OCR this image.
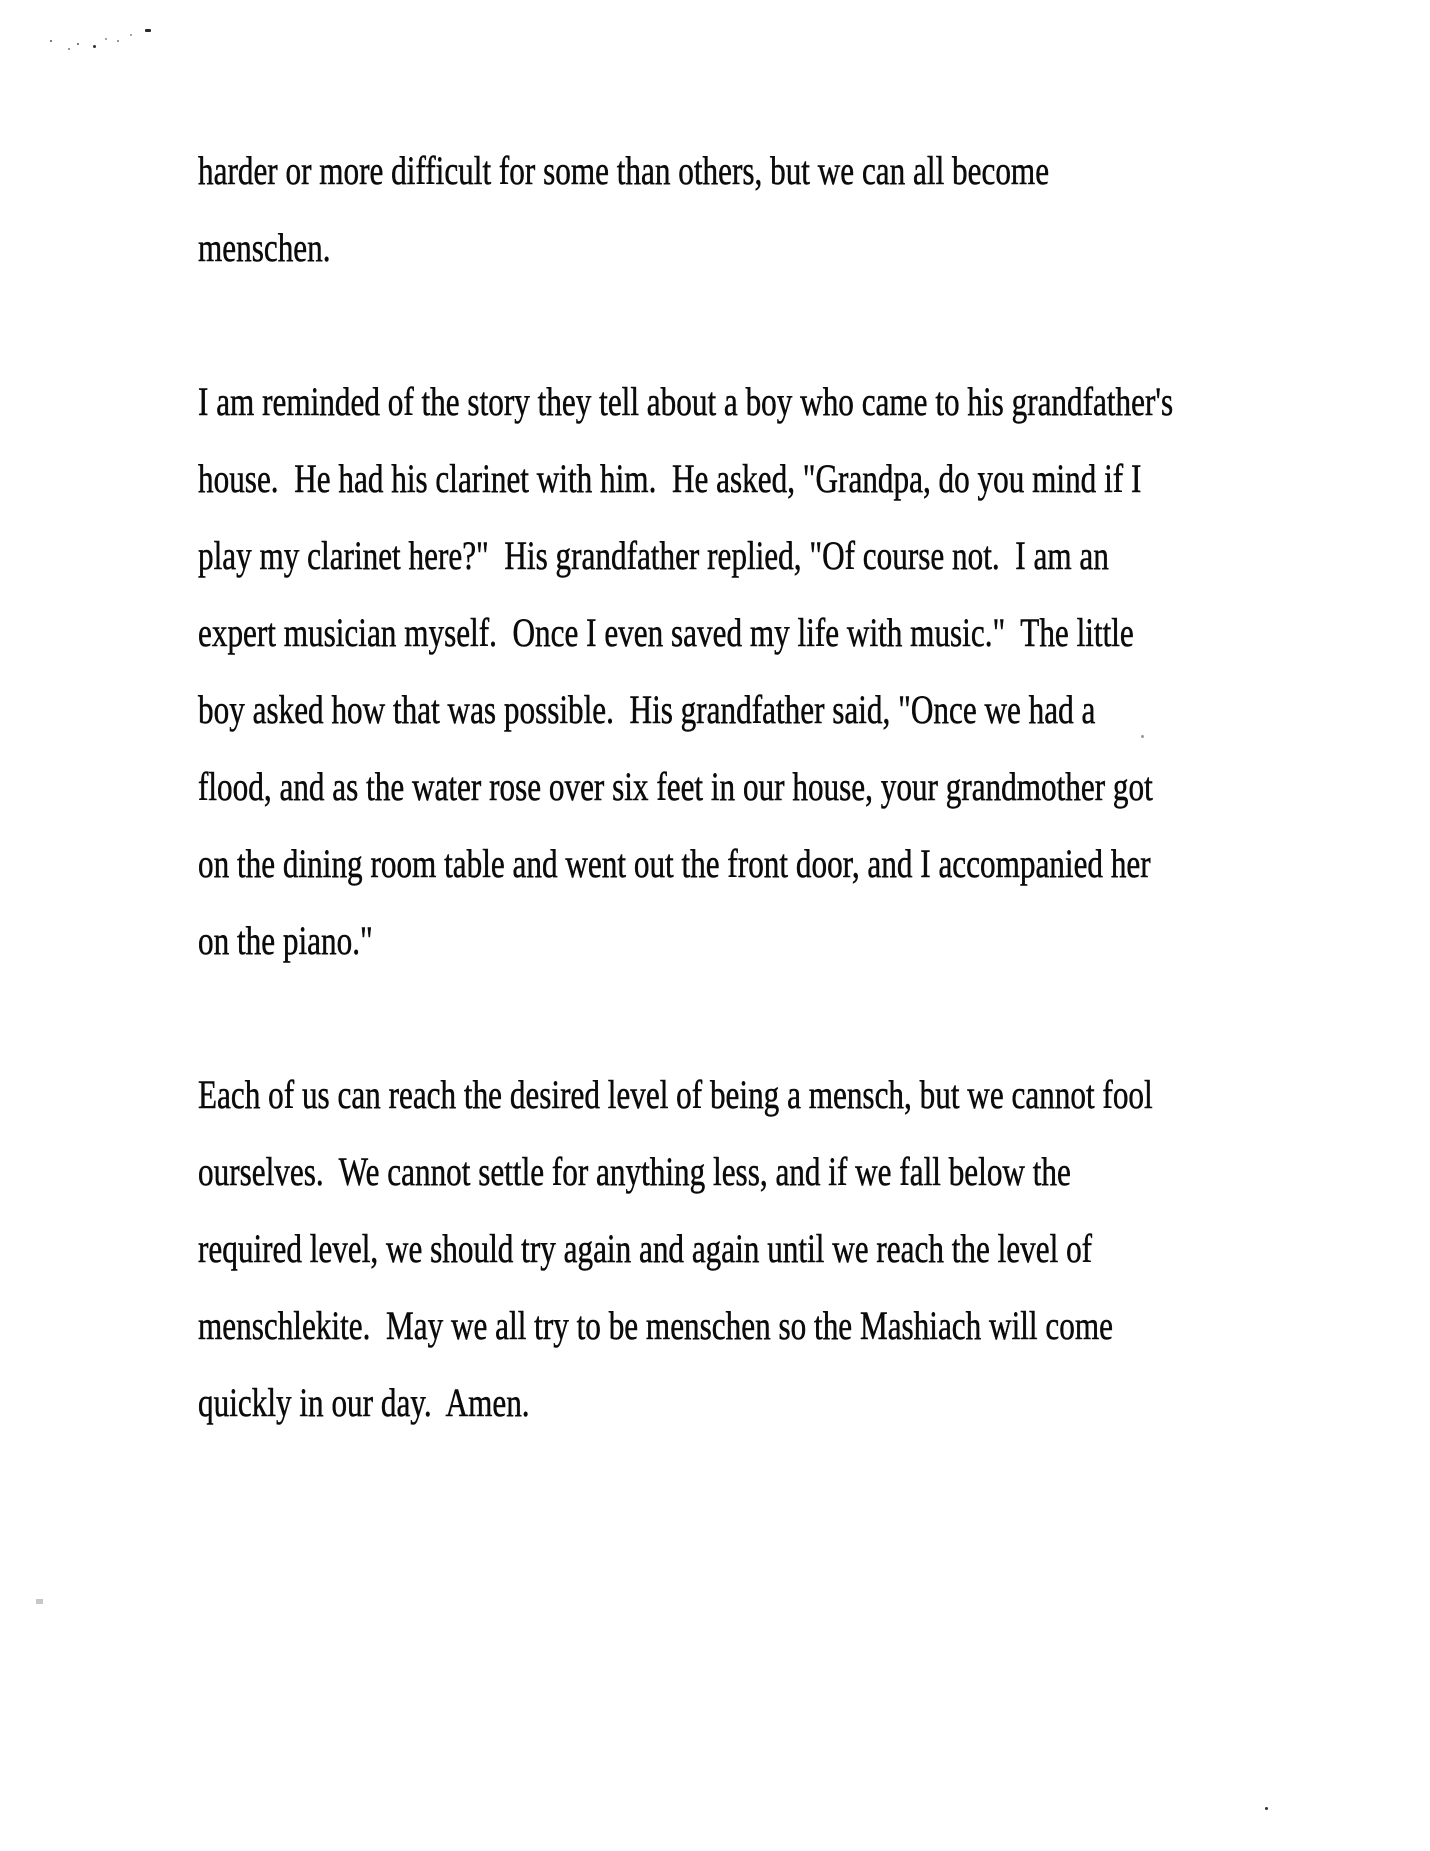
harder or more difficult for some than others, but we can all become
menschen.
I am reminded of the story they tell about a boy who came to his grandfather's
house.  He had his clarinet with him.  He asked, "Grandpa, do you mind if I
play my clarinet here?"  His grandfather replied, "Of course not.  I am an
expert musician myself.  Once I even saved my life with music."  The little
boy asked how that was possible.  His grandfather said, "Once we had a
flood, and as the water rose over six feet in our house, your grandmother got
on the dining room table and went out the front door, and I accompanied her
on the piano."
Each of us can reach the desired level of being a mensch, but we cannot fool
ourselves.  We cannot settle for anything less, and if we fall below the
required level, we should try again and again until we reach the level of
menschlekite.  May we all try to be menschen so the Mashiach will come
quickly in our day.  Amen.
